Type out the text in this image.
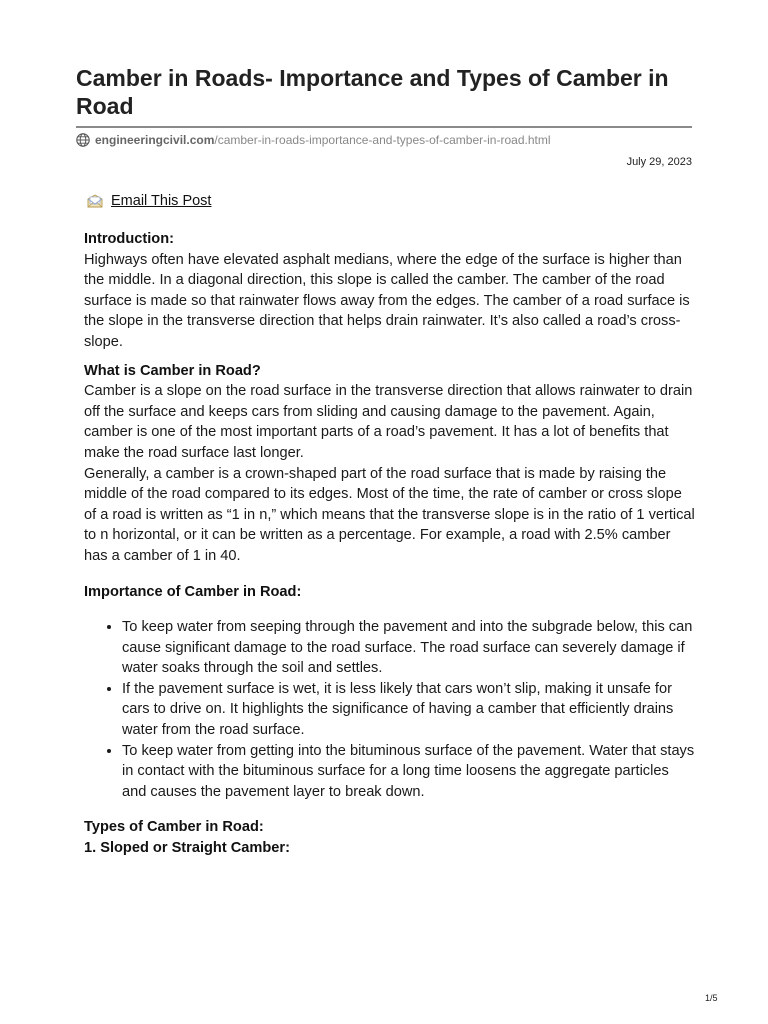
Camber in Roads- Importance and Types of Camber in Road
engineeringcivil.com /camber-in-roads-importance-and-types-of-camber-in-road.html
July 29, 2023
Email This Post
Introduction:

Highways often have elevated asphalt medians, where the edge of the surface is higher than the middle. In a diagonal direction, this slope is called the camber. The camber of the road surface is made so that rainwater flows away from the edges. The camber of a road surface is the slope in the transverse direction that helps drain rainwater. It’s also called a road’s cross-slope.

What is Camber in Road?

Camber is a slope on the road surface in the transverse direction that allows rainwater to drain off the surface and keeps cars from sliding and causing damage to the pavement. Again, camber is one of the most important parts of a road’s pavement. It has a lot of benefits that make the road surface last longer.

Generally, a camber is a crown-shaped part of the road surface that is made by raising the middle of the road compared to its edges. Most of the time, the rate of camber or cross slope of a road is written as “1 in n,” which means that the transverse slope is in the ratio of 1 vertical to n horizontal, or it can be written as a percentage. For example, a road with 2.5% camber has a camber of 1 in 40.

Importance of Camber in Road:
• To keep water from seeping through the pavement and into the subgrade below, this can cause significant damage to the road surface. The road surface can severely damage if water soaks through the soil and settles.
• If the pavement surface is wet, it is less likely that cars won’t slip, making it unsafe for cars to drive on. It highlights the significance of having a camber that efficiently drains water from the road surface.
• To keep water from getting into the bituminous surface of the pavement. Water that stays in contact with the bituminous surface for a long time loosens the aggregate particles and causes the pavement layer to break down.
Types of Camber in Road:
1. Sloped or Straight Camber:
1/5
